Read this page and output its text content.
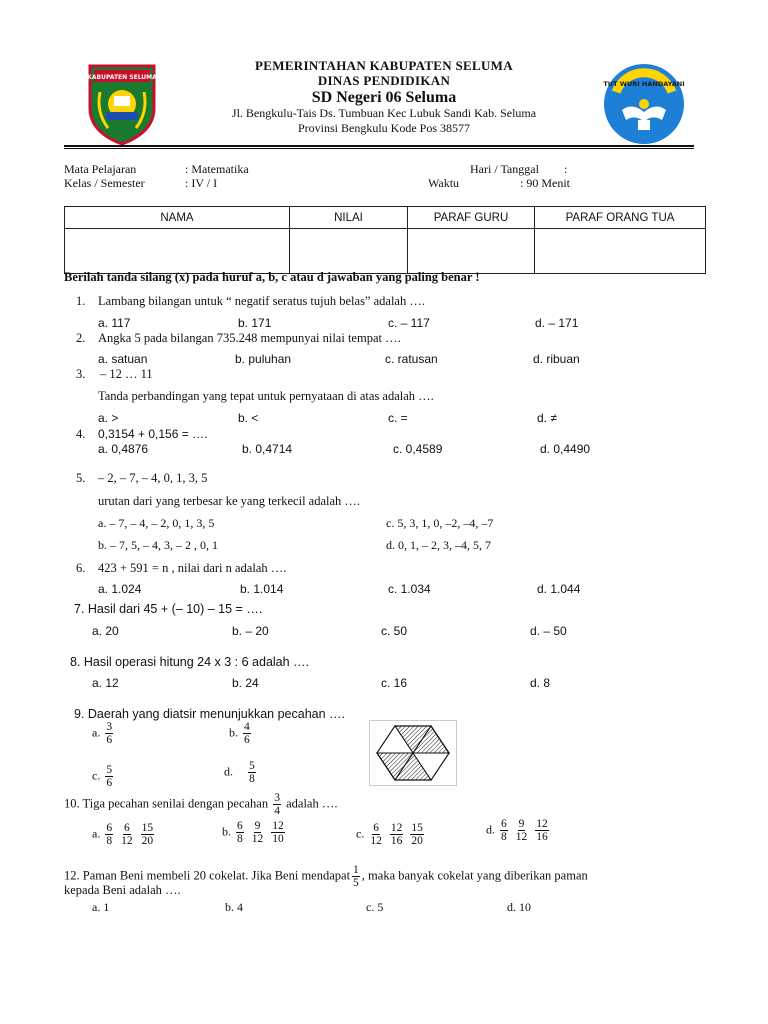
KABUPATEN SELUMA
TUT WURI HANDAYANI
PEMERINTAHAN KABUPATEN SELUMA
DINAS PENDIDIKAN
SD Negeri 06 Seluma
Jl. Bengkulu-Tais Ds. Tumbuan Kec Lubuk Sandi Kab. Seluma
Provinsi Bengkulu Kode Pos 38577
Mata Pelajaran	: Matematika
Kelas / Semester	: IV / I
Hari / Tanggal :
Waktu	: 90 Menit
NAMA	NILAI	PARAF GURU	PARAF ORANG TUA

Berilah tanda silang (x) pada huruf a, b, c atau d jawaban yang paling benar !
1. Lambang bilangan untuk “ negatif seratus tujuh belas” adalah ….
a. 117	b. 171	c. – 117	d. – 171
2. Angka 5 pada bilangan 735.248 mempunyai nilai tempat ….
a. satuan	b. puluhan	c. ratusan	d. ribuan
3. – 12 … 11
Tanda perbandingan yang tepat untuk pernyataan di atas adalah ….
a. >	b. <	c. =	d. ≠
4. 0,3154 + 0,156 = ….
a. 0,4876	b. 0,4714	c. 0,4589	d. 0,4490
5. – 2, – 7, – 4, 0, 1, 3, 5
urutan dari yang terbesar ke yang terkecil adalah ….
a. – 7, – 4, – 2, 0, 1, 3, 5	c. 5, 3, 1, 0, –2, –4, –7
b. – 7, 5, – 4, 3, – 2 , 0, 1	d. 0, 1, – 2, 3, –4, 5, 7
6. 423 + 591 = n , nilai dari n adalah ….
a. 1.024	b. 1.014	c. 1.034	d. 1.044
7. Hasil dari 45 + (– 10) – 15 = ….
a. 20	b. – 20	c. 50	d. – 50
8. Hasil operasi hitung 24 x 3 : 6 adalah ….
a. 12	b. 24	c. 16	d. 8
9. Daerah yang diatsir menunjukkan pecahan ….
a. $\frac{3}{6}$	b. $\frac{4}{6}$
c. $\frac{5}{6}$	d. $\frac{5}{8}$
10. Tiga pecahan senilai dengan pecahan $\frac{3}{4}$ adalah ….
a. $\frac{6}{8}$
$\frac{6}{12}$
$\frac{15}{20}$	b. $\frac{6}{8}$
$\frac{9}{12}$
$\frac{12}{10}$	c. $\frac{6}{12}$
$\frac{12}{16}$
$\frac{15}{20}$	d. $\frac{6}{8}$
$\frac{9}{12}$
$\frac{12}{16}$
12. Paman Beni membeli 20 cokelat. Jika Beni mendapat $\frac{1}{5}$ , maka banyak cokelat yang diberikan paman
kepada Beni adalah ….
a. 1	b. 4	c. 5	d. 10
